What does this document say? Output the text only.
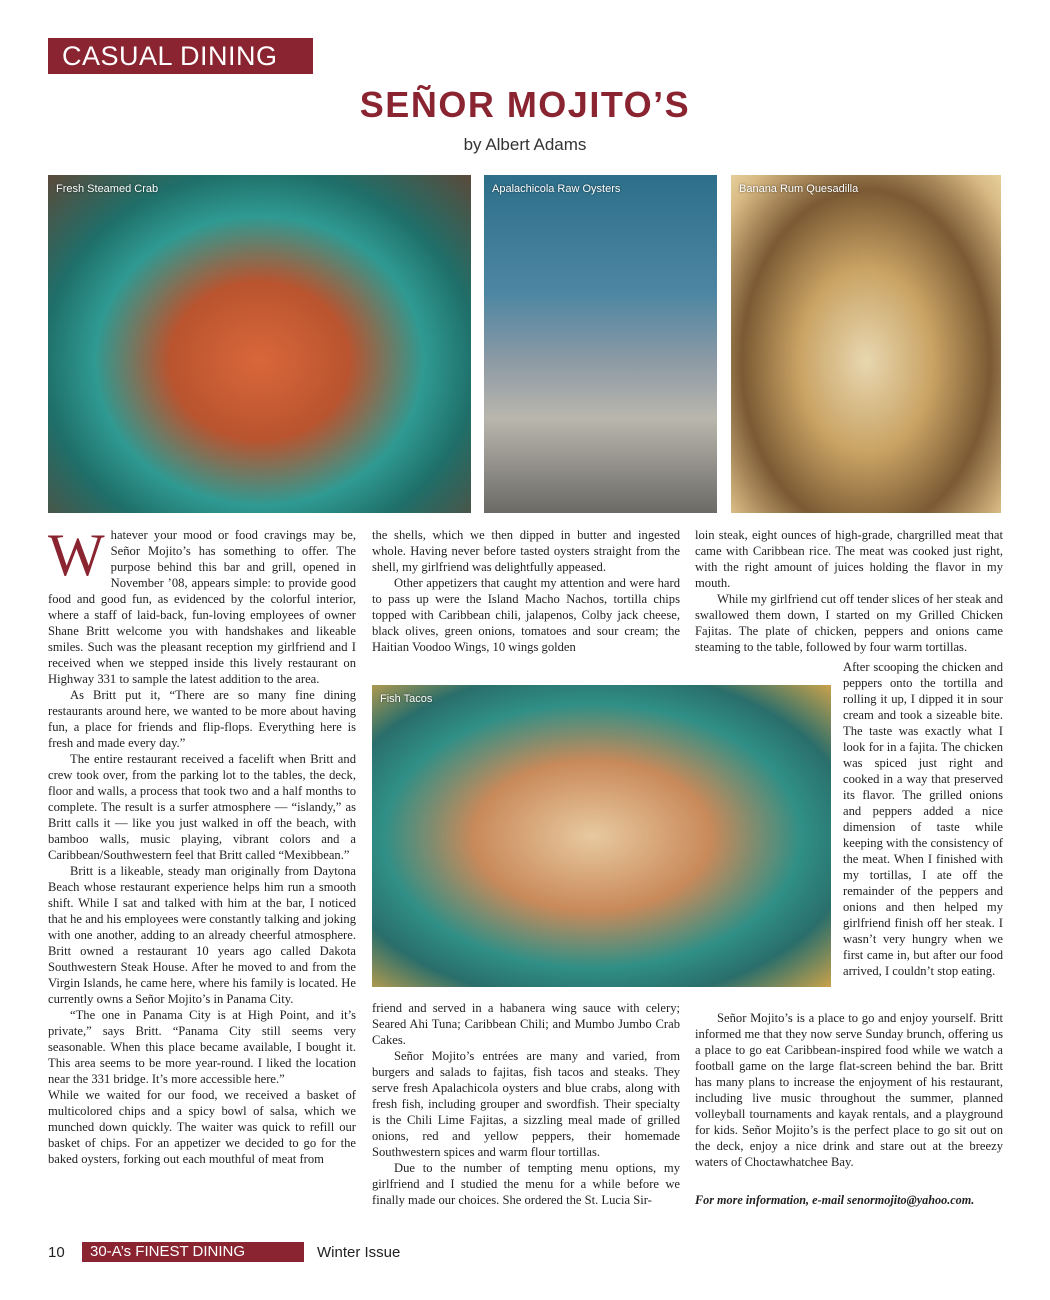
CASUAL DINING
SEÑOR MOJITO’S
by Albert Adams
Fresh Steamed Crab	Apalachicola Raw Oysters	Banana Rum Quesadilla
Fish Tacos

Whatever your mood or food cravings may be, Señor Mojito’s has something to offer. The purpose behind this bar and grill, opened in November ’08, appears simple: to provide good food and good fun, as evidenced by the colorful interior, where a staff of laid-back, fun-loving employees of owner Shane Britt welcome you with handshakes and likeable smiles. Such was the pleasant reception my girlfriend and I received when we stepped inside this lively restaurant on Highway 331 to sample the latest addition to the area.

As Britt put it, “There are so many fine dining restaurants around here, we wanted to be more about having fun, a place for friends and flip-flops. Everything here is fresh and made every day.”

The entire restaurant received a facelift when Britt and crew took over, from the parking lot to the tables, the deck, floor and walls, a process that took two and a half months to complete. The result is a surfer atmosphere — “islandy,” as Britt calls it — like you just walked in off the beach, with bamboo walls, music playing, vibrant colors and a Caribbean/Southwestern feel that Britt called “Mexibbean.”

Britt is a likeable, steady man originally from Daytona Beach whose restaurant experience helps him run a smooth shift. While I sat and talked with him at the bar, I noticed that he and his employees were constantly talking and joking with one another, adding to an already cheerful atmosphere. Britt owned a restaurant 10 years ago called Dakota Southwestern Steak House. After he moved to and from the Virgin Islands, he came here, where his family is located. He currently owns a Señor Mojito’s in Panama City.

“The one in Panama City is at High Point, and it’s private,” says Britt. “Panama City still seems very seasonable. When this place became available, I bought it. This area seems to be more year-round. I liked the location near the 331 bridge. It’s more accessible here.”

While we waited for our food, we received a basket of multicolored chips and a spicy bowl of salsa, which we munched down quickly. The waiter was quick to refill our basket of chips. For an appetizer we decided to go for the baked oysters, forking out each mouthful of meat from

the shells, which we then dipped in butter and ingested whole. Having never before tasted oysters straight from the shell, my girlfriend was delightfully appeased.

Other appetizers that caught my attention and were hard to pass up were the Island Macho Nachos, tortilla chips topped with Caribbean chili, jalapenos, Colby jack cheese, black olives, green onions, tomatoes and sour cream; the Haitian Voodoo Wings, 10 wings golden

friend and served in a habanera wing sauce with celery; Seared Ahi Tuna; Caribbean Chili; and Mumbo Jumbo Crab Cakes.

Señor Mojito’s entrées are many and varied, from burgers and salads to fajitas, fish tacos and steaks. They serve fresh Apalachicola oysters and blue crabs, along with fresh fish, including grouper and swordfish. Their specialty is the Chili Lime Fajitas, a sizzling meal made of grilled onions, red and yellow peppers, their homemade Southwestern spices and warm flour tortillas.

Due to the number of tempting menu options, my girlfriend and I studied the menu for a while before we finally made our choices. She ordered the St. Lucia Sir-

loin steak, eight ounces of high-grade, chargrilled meat that came with Caribbean rice. The meat was cooked just right, with the right amount of juices holding the flavor in my mouth.

While my girlfriend cut off tender slices of her steak and swallowed them down, I started on my Grilled Chicken Fajitas. The plate of chicken, peppers and onions came steaming to the table, followed by four warm tortillas.

After scooping the chicken and peppers onto the tortilla and rolling it up, I dipped it in sour cream and took a sizeable bite. The taste was exactly what I look for in a fajita. The chicken was spiced just right and cooked in a way that preserved its flavor. The grilled onions and peppers added a nice dimension of taste while keeping with the consistency of the meat. When I finished with my tortillas, I ate off the remainder of the peppers and onions and then helped my girlfriend finish off her steak. I wasn’t very hungry when we first came in, but after our food arrived, I couldn’t stop eating.

Señor Mojito’s is a place to go and enjoy yourself. Britt informed me that they now serve Sunday brunch, offering us a place to go eat Caribbean-inspired food while we watch a football game on the large flat-screen behind the bar. Britt has many plans to increase the enjoyment of his restaurant, including live music throughout the summer, planned volleyball tournaments and kayak rentals, and a playground for kids. Señor Mojito’s is the perfect place to go sit out on the deck, enjoy a nice drink and stare out at the breezy waters of Choctawhatchee Bay.

For more information, e-mail senormojito@yahoo.com.
10	30-A’s FINEST DINING	Winter Issue
